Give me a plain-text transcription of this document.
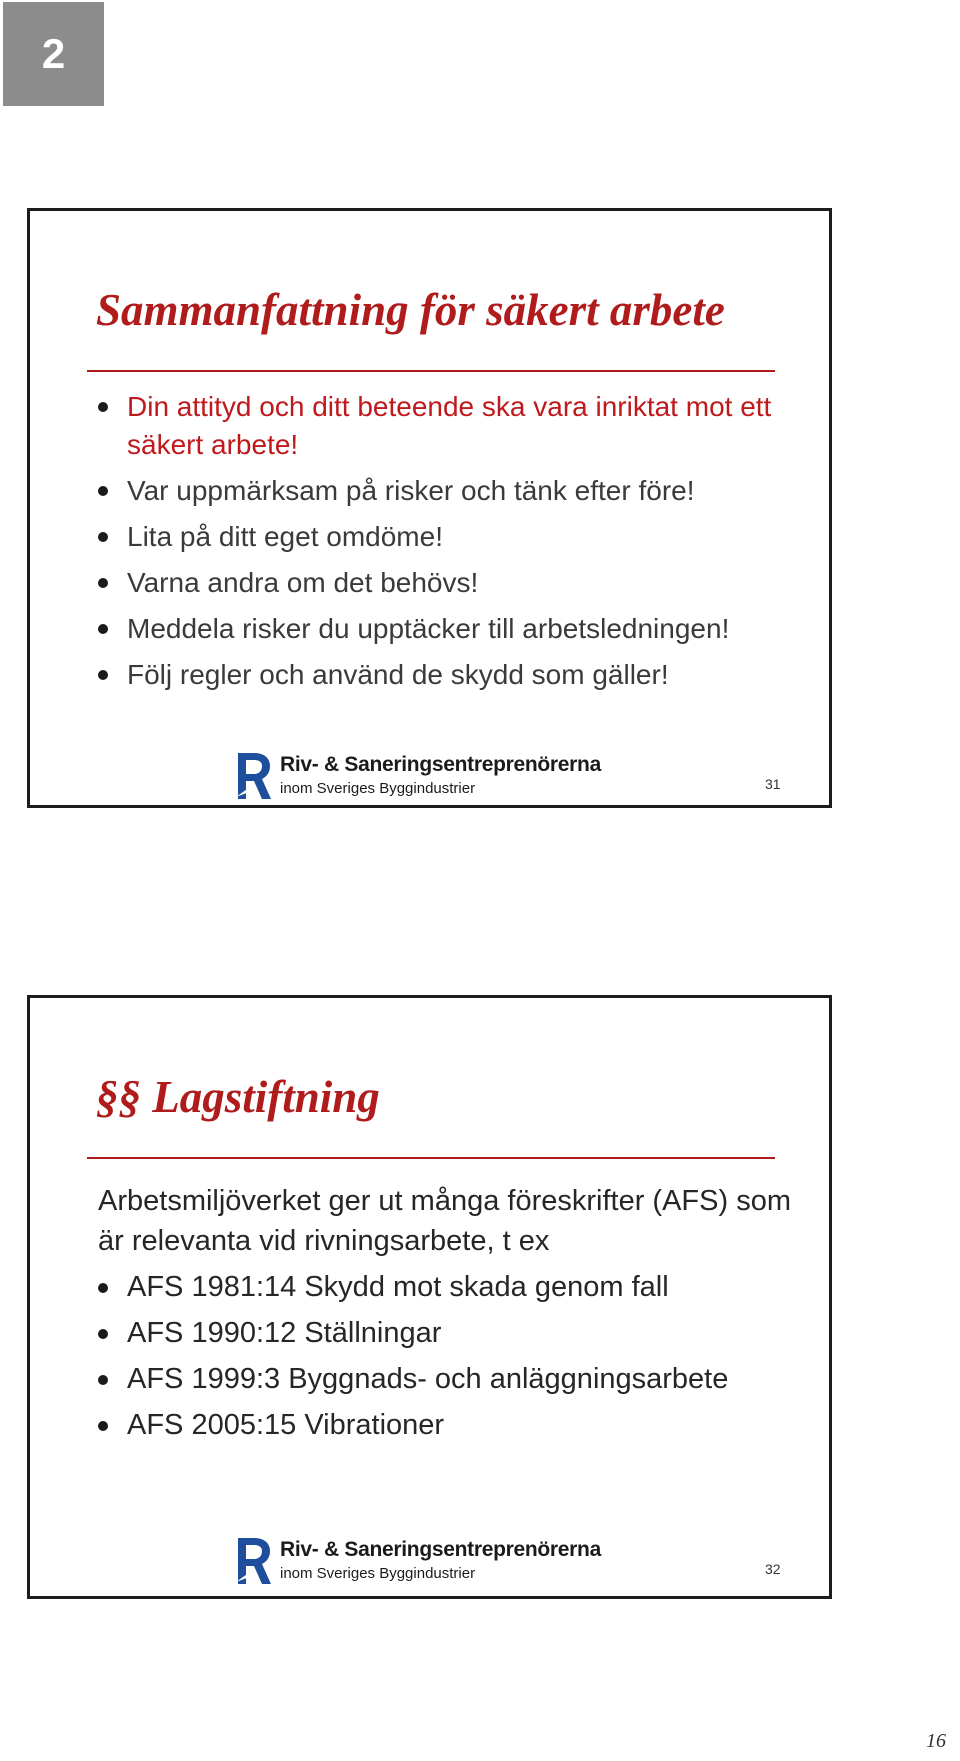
2
Sammanfattning för säkert arbete
Din attityd och ditt beteende ska vara inriktat mot ett säkert arbete!
Var uppmärksam på risker och tänk efter före!
Lita på ditt eget omdöme!
Varna andra om det behövs!
Meddela risker du upptäcker till arbetsledningen!
Följ regler och använd de skydd som gäller!
Riv- & Saneringsentreprenörerna
inom Sveriges Byggindustrier	31
§§ Lagstiftning

Arbetsmiljöverket ger ut många föreskrifter (AFS) som är relevanta vid rivningsarbete, t ex

AFS 1981:14 Skydd mot skada genom fall
AFS 1990:12 Ställningar
AFS 1999:3 Byggnads- och anläggningsarbete
AFS 2005:15 Vibrationer
Riv- & Saneringsentreprenörerna
inom Sveriges Byggindustrier	32
16
